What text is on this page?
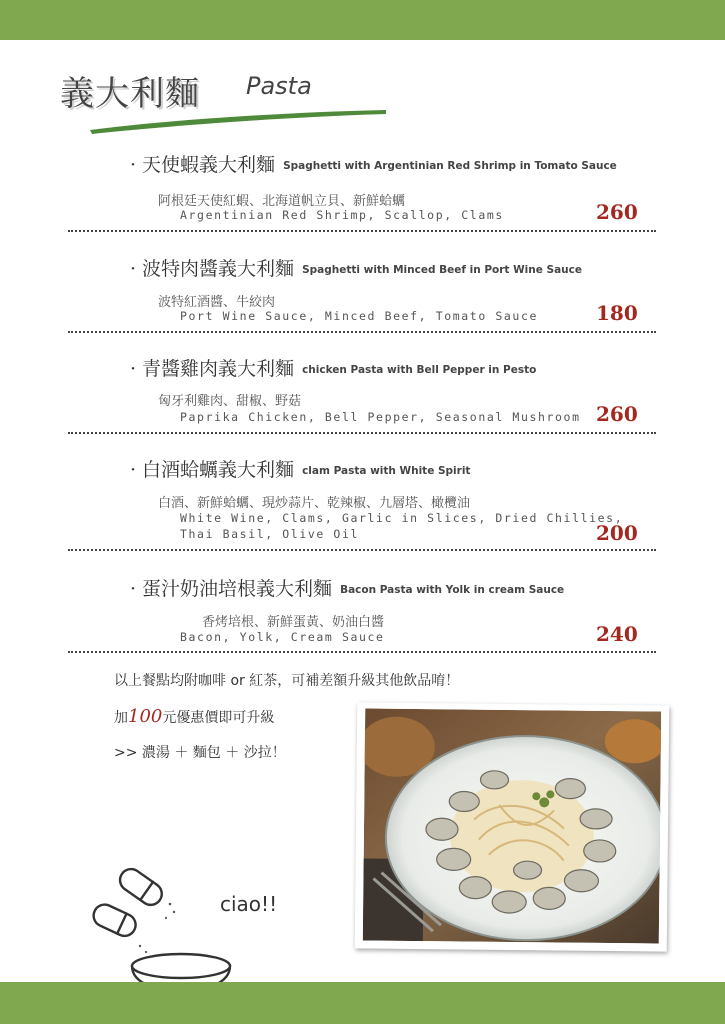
義大利麵 Pasta
· 天使蝦義大利麵 Spaghetti with Argentinian Red Shrimp in Tomato Sauce
阿根廷天使紅蝦、北海道帆立貝、新鮮蛤蠣
Argentinian Red Shrimp, Scallop, Clams	260
· 波特肉醬義大利麵 Spaghetti with Minced Beef in Port Wine Sauce
波特紅酒醬、牛絞肉
Port Wine Sauce, Minced Beef, Tomato Sauce	180
· 青醬雞肉義大利麵 chicken Pasta with Bell Pepper in Pesto
匈牙利雞肉、甜椒、野菇
Paprika Chicken, Bell Pepper, Seasonal Mushroom 260
· 白酒蛤蠣義大利麵 clam Pasta with White Spirit
白酒、新鮮蛤蠣、現炒蒜片、乾辣椒、九層塔、橄欖油
White Wine, Clams, Garlic in Slices, Dried Chillies,
Thai Basil, Olive Oil	200
· 蛋汁奶油培根義大利麵 Bacon Pasta with Yolk in cream Sauce
香烤培根、新鮮蛋黃、奶油白醬
Bacon, Yolk, Cream Sauce	240
以上餐點均附咖啡 or 紅茶，可補差額升級其他飲品唷！
加100元優惠價即可升級
>> 濃湯 ＋ 麵包 ＋ 沙拉！
ciao!!
